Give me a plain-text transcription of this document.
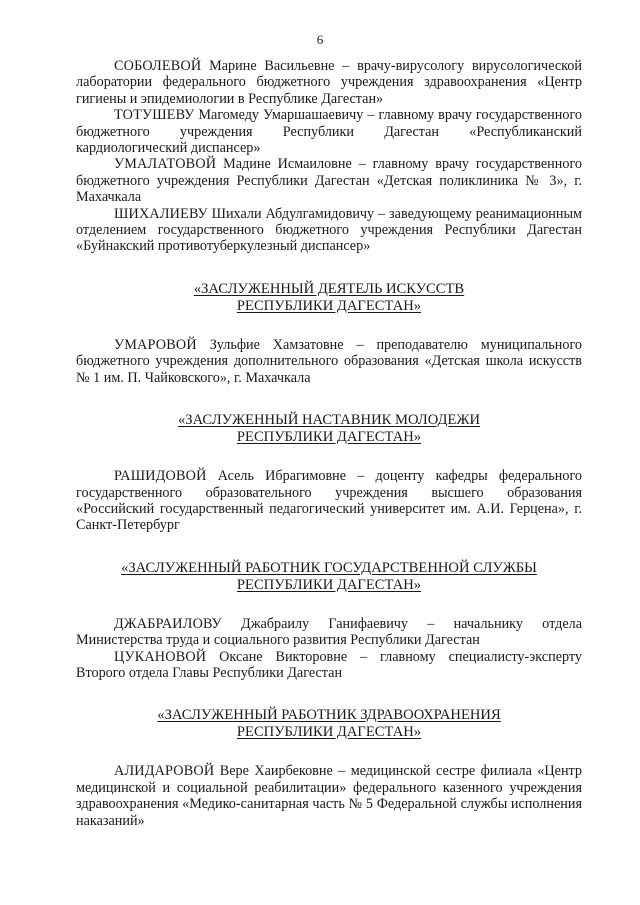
6

СОБОЛЕВОЙ Марине Васильевне – врачу-вирусологу вирусологической лаборатории федерального бюджетного учреждения здравоохранения «Центр гигиены и эпидемиологии в Республике Дагестан»

ТОТУШЕВУ Магомеду Умаршашаевичу – главному врачу государственного бюджетного учреждения Республики Дагестан «Республиканский кардиологический диспансер»

УМАЛАТОВОЙ Мадине Исмаиловне – главному врачу государственного бюджетного учреждения Республики Дагестан «Детская поликлиника № 3», г. Махачкала

ШИХАЛИЕВУ Шихали Абдулгамидовичу – заведующему реанимационным отделением государственного бюджетного учреждения Республики Дагестан «Буйнакский противотуберкулезный диспансер»

«ЗАСЛУЖЕННЫЙ ДЕЯТЕЛЬ ИСКУССТВ
РЕСПУБЛИКИ ДАГЕСТАН»

УМАРОВОЙ Зульфие Хамзатовне – преподавателю муниципального бюджетного учреждения дополнительного образования «Детская школа искусств № 1 им. П. Чайковского», г. Махачкала

«ЗАСЛУЖЕННЫЙ НАСТАВНИК МОЛОДЕЖИ
РЕСПУБЛИКИ ДАГЕСТАН»

РАШИДОВОЙ Асель Ибрагимовне – доценту кафедры федерального государственного образовательного учреждения высшего образования «Российский государственный педагогический университет им. А.И. Герцена», г. Санкт-Петербург

«ЗАСЛУЖЕННЫЙ РАБОТНИК ГОСУДАРСТВЕННОЙ СЛУЖБЫ
РЕСПУБЛИКИ ДАГЕСТАН»

ДЖАБРАИЛОВУ Джабраилу Ганифаевичу – начальнику отдела Министерства труда и социального развития Республики Дагестан

ЦУКАНОВОЙ Оксане Викторовне – главному специалисту-эксперту Второго отдела Главы Республики Дагестан

«ЗАСЛУЖЕННЫЙ РАБОТНИК ЗДРАВООХРАНЕНИЯ
РЕСПУБЛИКИ ДАГЕСТАН»

АЛИДАРОВОЙ Вере Хаирбековне – медицинской сестре филиала «Центр медицинской и социальной реабилитации» федерального казенного учреждения здравоохранения «Медико-санитарная часть № 5 Федеральной службы исполнения наказаний»
